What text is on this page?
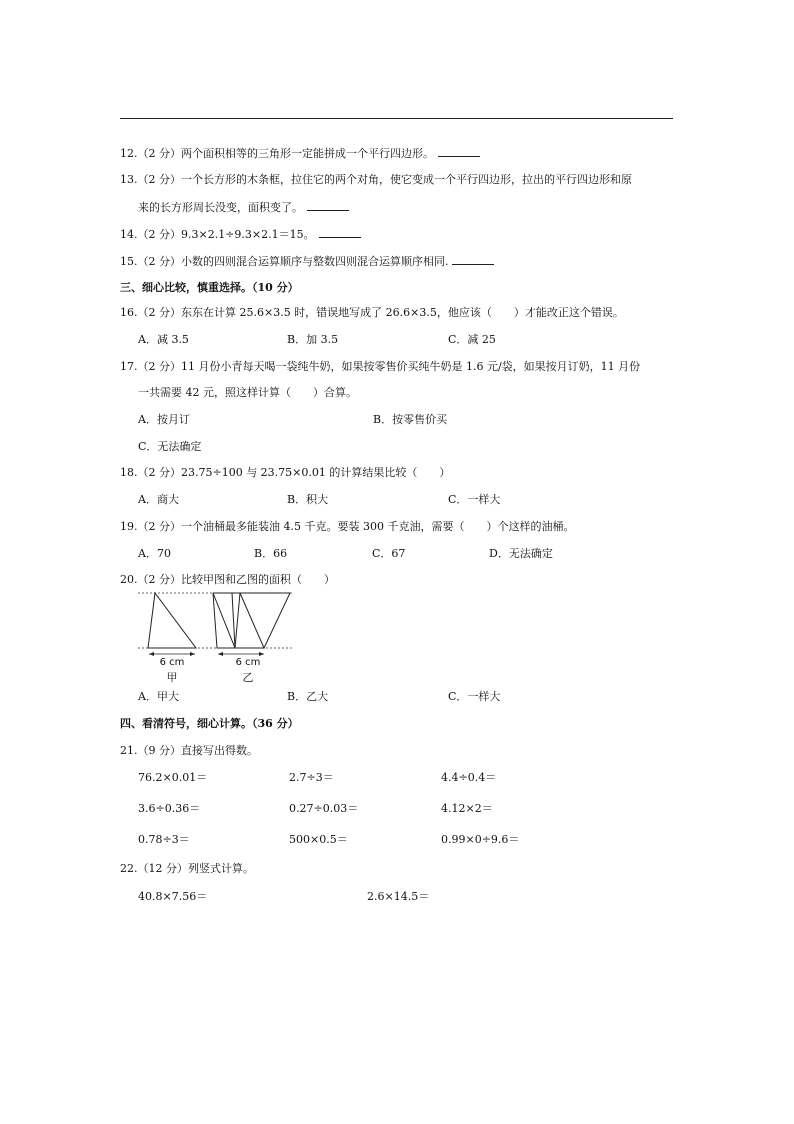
12.（2 分）两个面积相等的三角形一定能拼成一个平行四边形。
13.（2 分）一个长方形的木条框，拉住它的两个对角，使它变成一个平行四边形，拉出的平行四边形和原
来的长方形周长没变，面积变了。
14.（2 分）9.3×2.1÷9.3×2.1＝15。
15.（2 分）小数的四则混合运算顺序与整数四则混合运算顺序相同.
三、细心比较，慎重选择。（10 分）
16.（2 分）东东在计算 25.6×3.5 时，错误地写成了 26.6×3.5，他应该（　　）才能改正这个错误。
A．减 3.5	B．加 3.5	C．减 25
17.（2 分）11 月份小青每天喝一袋纯牛奶，如果按零售价买纯牛奶是 1.6 元/袋，如果按月订奶，11 月份
一共需要 42 元，照这样计算（　　）合算。
A．按月订	B．按零售价买
C．无法确定
18.（2 分）23.75÷100 与 23.75×0.01 的计算结果比较（　　）
A．商大	B．积大	C．一样大
19.（2 分）一个油桶最多能装油 4.5 千克。要装 300 千克油，需要（　　）个这样的油桶。
A．70	B．66	C．67	D．无法确定
20.（2 分）比较甲图和乙图的面积（　　）
6 cm	6 cm
甲	乙
A．甲大	B．乙大	C．一样大
四、看清符号，细心计算。（36 分）
21.（9 分）直接写出得数。
76.2×0.01＝	2.7÷3＝	4.4÷0.4＝
3.6÷0.36＝	0.27÷0.03＝	4.12×2＝
0.78÷3＝	500×0.5＝	0.99×0÷9.6＝
22.（12 分）列竖式计算。
40.8×7.56＝	2.6×14.5＝
